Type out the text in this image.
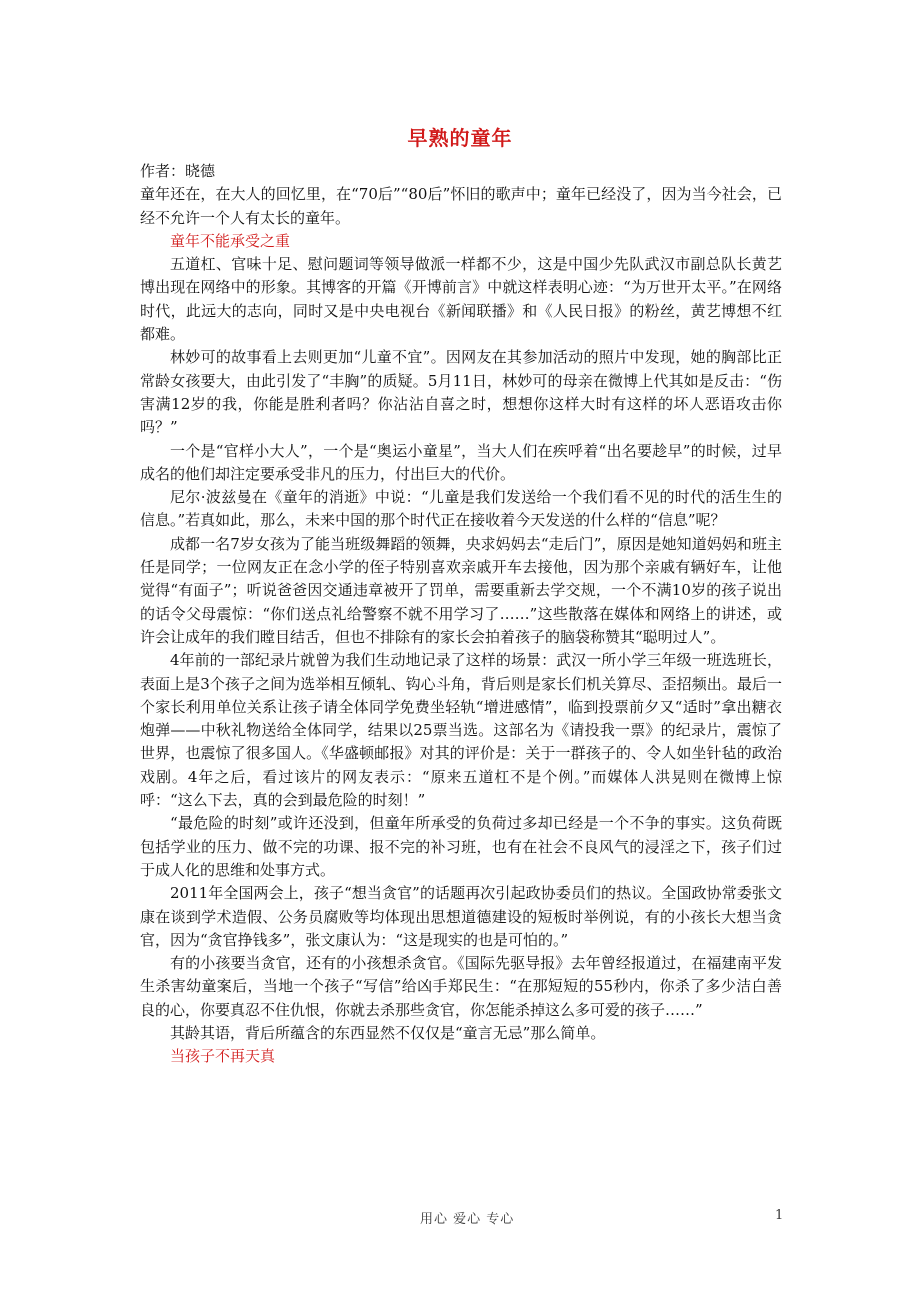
早熟的童年

作者：晓德

童年还在，在大人的回忆里，在“70后”“80后”怀旧的歌声中；童年已经没了，因为当今社会，已经不允许一个人有太长的童年。

童年不能承受之重

五道杠、官味十足、慰问题词等领导做派一样都不少，这是中国少先队武汉市副总队长黄艺博出现在网络中的形象。其博客的开篇《开博前言》中就这样表明心迹：“为万世开太平。”在网络时代，此远大的志向，同时又是中央电视台《新闻联播》和《人民日报》的粉丝，黄艺博想不红都难。

林妙可的故事看上去则更加“儿童不宜”。因网友在其参加活动的照片中发现，她的胸部比正常龄女孩要大，由此引发了“丰胸”的质疑。5月11日，林妙可的母亲在微博上代其如是反击：“伤害满12岁的我，你能是胜利者吗？你沾沾自喜之时，想想你这样大时有这样的坏人恶语攻击你吗？”

一个是“官样小大人”，一个是“奥运小童星”，当大人们在疾呼着“出名要趁早”的时候，过早成名的他们却注定要承受非凡的压力，付出巨大的代价。

尼尔·波兹曼在《童年的消逝》中说：“儿童是我们发送给一个我们看不见的时代的活生生的信息。”若真如此，那么，未来中国的那个时代正在接收着今天发送的什么样的“信息”呢？

成都一名7岁女孩为了能当班级舞蹈的领舞，央求妈妈去“走后门”，原因是她知道妈妈和班主任是同学；一位网友正在念小学的侄子特别喜欢亲戚开车去接他，因为那个亲戚有辆好车，让他觉得“有面子”；听说爸爸因交通违章被开了罚单，需要重新去学交规，一个不满10岁的孩子说出的话令父母震惊：“你们送点礼给警察不就不用学习了……”这些散落在媒体和网络上的讲述，或许会让成年的我们瞠目结舌，但也不排除有的家长会拍着孩子的脑袋称赞其“聪明过人”。

4年前的一部纪录片就曾为我们生动地记录了这样的场景：武汉一所小学三年级一班选班长，表面上是3个孩子之间为选举相互倾轧、钩心斗角，背后则是家长们机关算尽、歪招频出。最后一个家长利用单位关系让孩子请全体同学免费坐轻轨“增进感情”，临到投票前夕又“适时”拿出糖衣炮弹——中秋礼物送给全体同学，结果以25票当选。这部名为《请投我一票》的纪录片，震惊了世界，也震惊了很多国人。《华盛顿邮报》对其的评价是：关于一群孩子的、令人如坐针毡的政治戏剧。4年之后，看过该片的网友表示：“原来五道杠不是个例。”而媒体人洪晃则在微博上惊呼：“这么下去，真的会到最危险的时刻！”

“最危险的时刻”或许还没到，但童年所承受的负荷过多却已经是一个不争的事实。这负荷既包括学业的压力、做不完的功课、报不完的补习班，也有在社会不良风气的浸淫之下，孩子们过于成人化的思维和处事方式。

2011年全国两会上，孩子“想当贪官”的话题再次引起政协委员们的热议。全国政协常委张文康在谈到学术造假、公务员腐败等均体现出思想道德建设的短板时举例说，有的小孩长大想当贪官，因为“贪官挣钱多”，张文康认为：“这是现实的也是可怕的。”

有的小孩要当贪官，还有的小孩想杀贪官。《国际先驱导报》去年曾经报道过，在福建南平发生杀害幼童案后，当地一个孩子“写信”给凶手郑民生：“在那短短的55秒内，你杀了多少洁白善良的心，你要真忍不住仇恨，你就去杀那些贪官，你怎能杀掉这么多可爱的孩子……”

其龄其语，背后所蕴含的东西显然不仅仅是“童言无忌”那么简单。

当孩子不再天真

用心 爱心 专心	1
